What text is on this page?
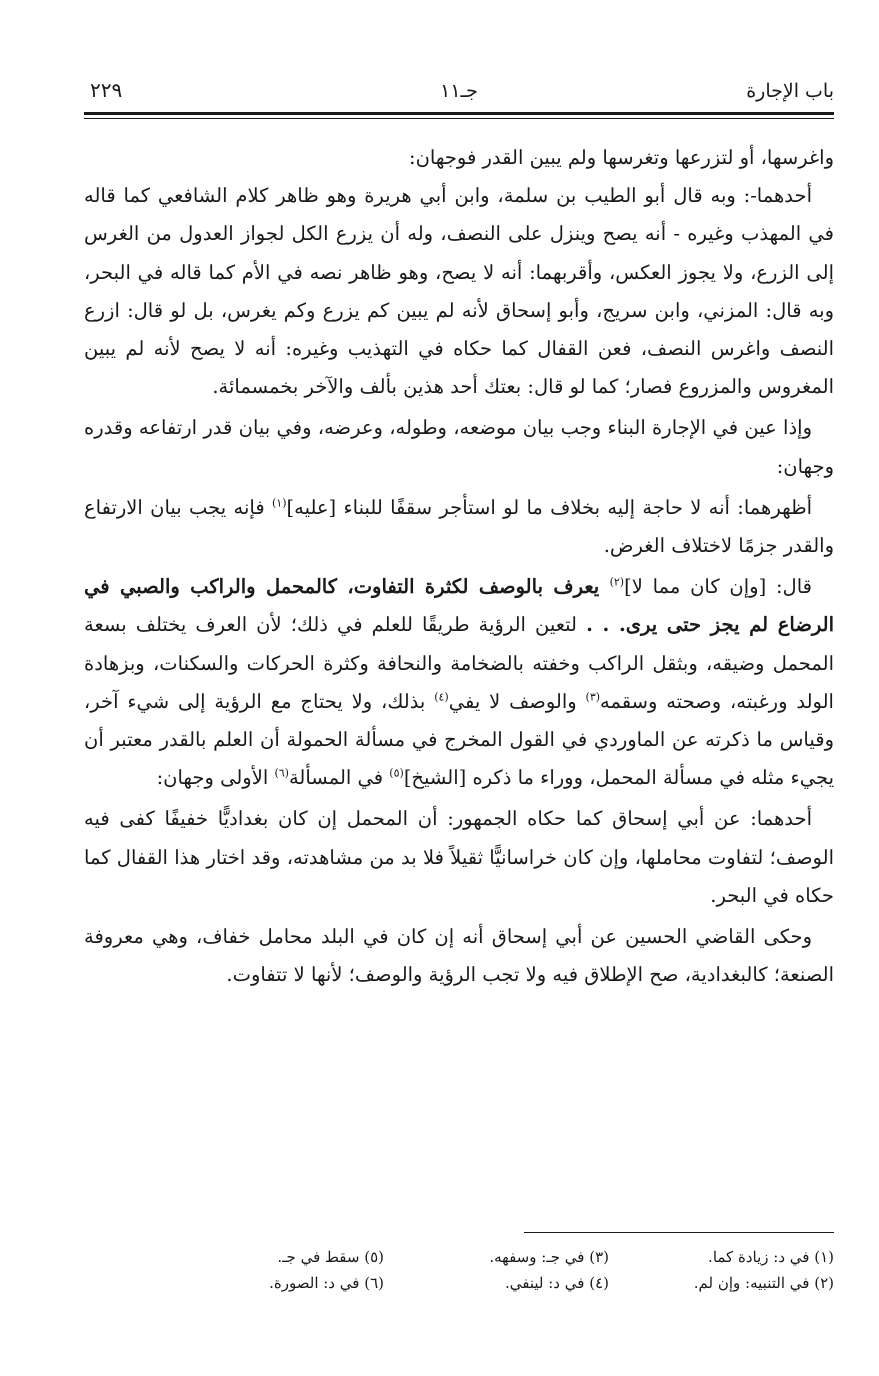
باب الإجارة
جـ١١
٢٢٩

واغرسها، أو لتزرعها وتغرسها ولم يبين القدر فوجهان:

أحدهما-: وبه قال أبو الطيب بن سلمة، وابن أبي هريرة وهو ظاهر كلام الشافعي كما قاله في المهذب وغيره - أنه يصح وينزل على النصف، وله أن يزرع الكل لجواز العدول من الغرس إلى الزرع، ولا يجوز العكس، وأقربهما: أنه لا يصح، وهو ظاهر نصه في الأم كما قاله في البحر، وبه قال: المزني، وابن سريج، وأبو إسحاق لأنه لم يبين كم يزرع وكم يغرس، بل لو قال: ازرع النصف واغرس النصف، فعن القفال كما حكاه في التهذيب وغيره: أنه لا يصح لأنه لم يبين المغروس والمزروع فصار؛ كما لو قال: بعتك أحد هذين بألف والآخر بخمسمائة.

وإذا عين في الإجارة البناء وجب بيان موضعه، وطوله، وعرضه، وفي بيان قدر ارتفاعه وقدره وجهان:

أظهرهما: أنه لا حاجة إليه بخلاف ما لو استأجر سقفًا للبناء [عليه]$^{(١)}$ فإنه يجب بيان الارتفاع والقدر جزمًا لاختلاف الغرض.

قال: [وإن كان مما لا]$^{(٢)}$ يعرف بالوصف لكثرة التفاوت، كالمحمل والراكب والصبي في الرضاع لم يجز حتى يرى. . . لتعين الرؤية طريقًا للعلم في ذلك؛ لأن العرف يختلف بسعة المحمل وضيقه، وبثقل الراكب وخفته بالضخامة والنحافة وكثرة الحركات والسكنات، وبزهادة الولد ورغبته، وصحته وسقمه$^{(٣)}$ والوصف لا يفي$^{(٤)}$ بذلك، ولا يحتاج مع الرؤية إلى شيء آخر، وقياس ما ذكرته عن الماوردي في القول المخرج في مسألة الحمولة أن العلم بالقدر معتبر أن يجيء مثله في مسألة المحمل، ووراء ما ذكره [الشيخ]$^{(٥)}$ في المسألة$^{(٦)}$ الأولى وجهان:

أحدهما: عن أبي إسحاق كما حكاه الجمهور: أن المحمل إن كان بغداديًّا خفيفًا كفى فيه الوصف؛ لتفاوت محاملها، وإن كان خراسانيًّا ثقيلاً فلا بد من مشاهدته، وقد اختار هذا القفال كما حكاه في البحر.

وحكى القاضي الحسين عن أبي إسحاق أنه إن كان في البلد محامل خفاف، وهي معروفة الصنعة؛ كالبغدادية، صح الإطلاق فيه ولا تجب الرؤية والوصف؛ لأنها لا تتفاوت.

(١) في د: زيادة كما.
(٣) في جـ: وسفهه.
(٥) سقط في جـ.
(٢) في التنبيه: وإن لم.
(٤) في د: لينفي.
(٦) في د: الصورة.
